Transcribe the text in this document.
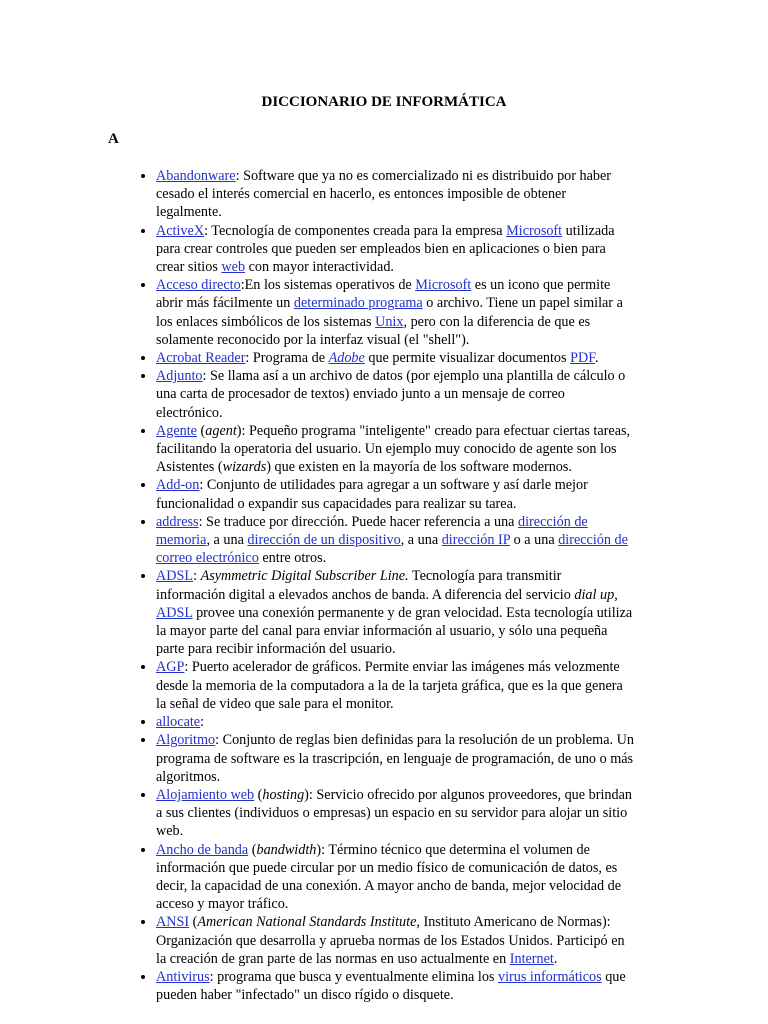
DICCIONARIO DE INFORMÁTICA
A
• Abandonware: Software que ya no es comercializado ni es distribuido por haber cesado el interés comercial en hacerlo, es entonces imposible de obtener legalmente.
• ActiveX: Tecnología de componentes creada para la empresa Microsoft utilizada para crear controles que pueden ser empleados bien en aplicaciones o bien para crear sitios web con mayor interactividad.
• Acceso directo:En los sistemas operativos de Microsoft es un icono que permite abrir más fácilmente un determinado programa o archivo. Tiene un papel similar a los enlaces simbólicos de los sistemas Unix, pero con la diferencia de que es solamente reconocido por la interfaz visual (el "shell").
• Acrobat Reader: Programa de Adobe que permite visualizar documentos PDF.
• Adjunto: Se llama así a un archivo de datos (por ejemplo una plantilla de cálculo o una carta de procesador de textos) enviado junto a un mensaje de correo electrónico.
• Agente (agent): Pequeño programa "inteligente" creado para efectuar ciertas tareas, facilitando la operatoria del usuario. Un ejemplo muy conocido de agente son los Asistentes (wizards) que existen en la mayoría de los software modernos.
• Add-on: Conjunto de utilidades para agregar a un software y así darle mejor funcionalidad o expandir sus capacidades para realizar su tarea.
• address: Se traduce por dirección. Puede hacer referencia a una dirección de memoria, a una dirección de un dispositivo, a una dirección IP o a una dirección de correo electrónico entre otros.
• ADSL: Asymmetric Digital Subscriber Line. Tecnología para transmitir información digital a elevados anchos de banda. A diferencia del servicio dial up, ADSL provee una conexión permanente y de gran velocidad. Esta tecnología utiliza la mayor parte del canal para enviar información al usuario, y sólo una pequeña parte para recibir información del usuario.
• AGP: Puerto acelerador de gráficos. Permite enviar las imágenes más velozmente desde la memoria de la computadora a la de la tarjeta gráfica, que es la que genera la señal de video que sale para el monitor.
• allocate:
• Algoritmo: Conjunto de reglas bien definidas para la resolución de un problema. Un programa de software es la trascripción, en lenguaje de programación, de uno o más algoritmos.
• Alojamiento web (hosting): Servicio ofrecido por algunos proveedores, que brindan a sus clientes (individuos o empresas) un espacio en su servidor para alojar un sitio web.
• Ancho de banda (bandwidth): Término técnico que determina el volumen de información que puede circular por un medio físico de comunicación de datos, es decir, la capacidad de una conexión. A mayor ancho de banda, mejor velocidad de acceso y mayor tráfico.
• ANSI (American National Standards Institute, Instituto Americano de Normas): Organización que desarrolla y aprueba normas de los Estados Unidos. Participó en la creación de gran parte de las normas en uso actualmente en Internet.
• Antivirus: programa que busca y eventualmente elimina los virus informáticos que pueden haber "infectado" un disco rígido o disquete.
